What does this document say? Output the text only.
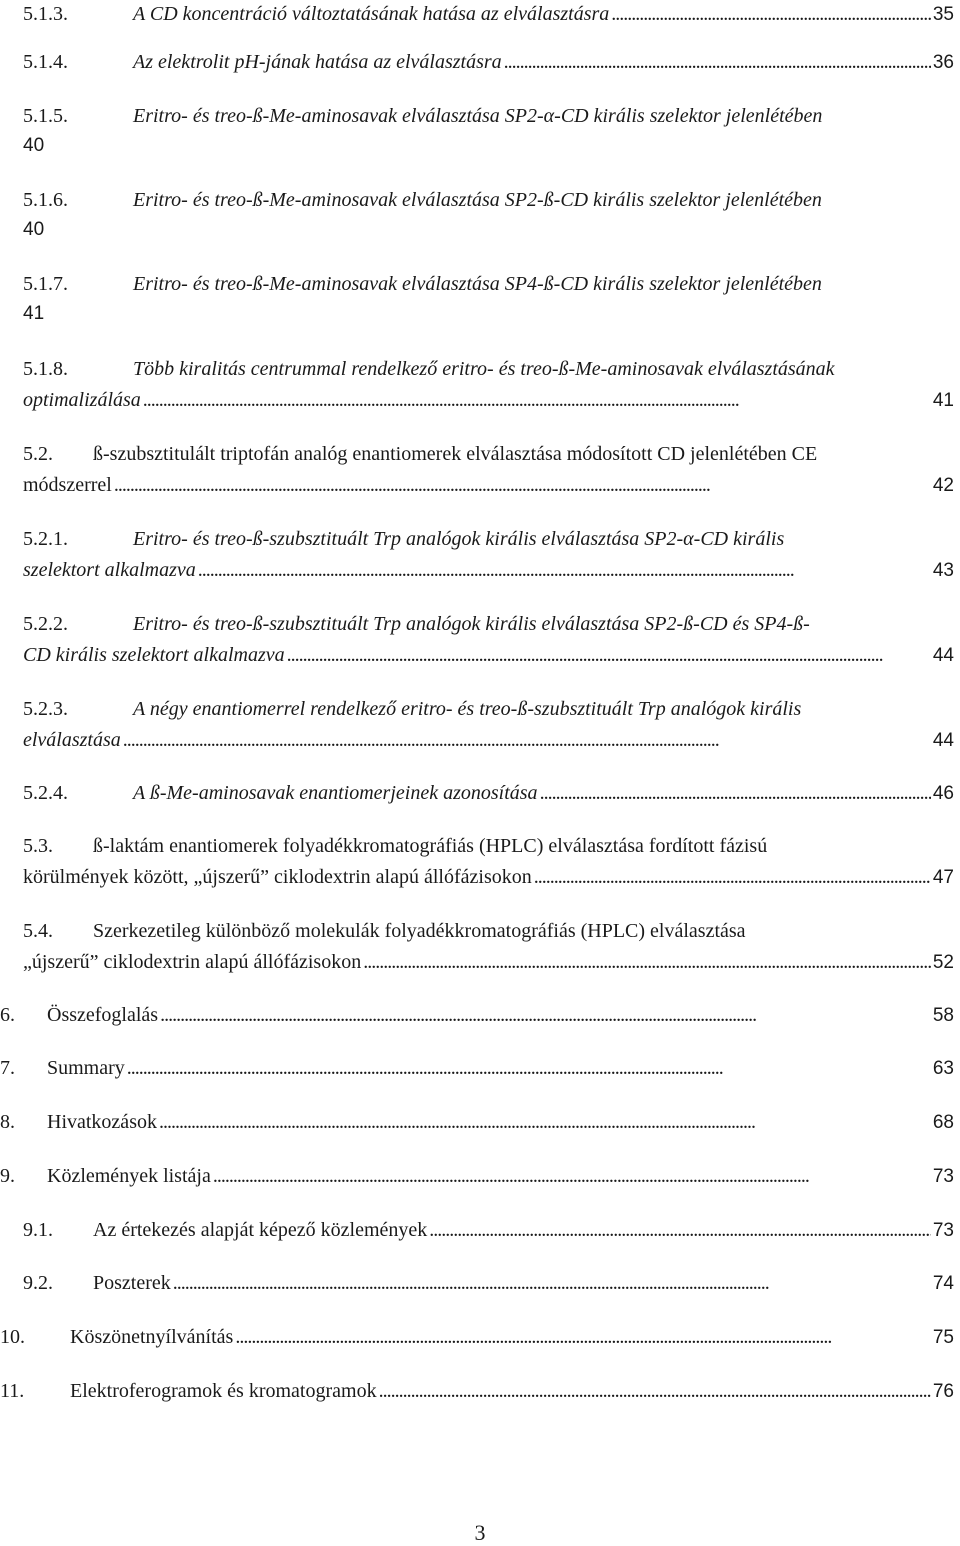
5.1.3.	A CD koncentráció változtatásának hatása az elválasztásra . . .	35
5.1.4.	Az elektrolit pH-jának hatása az elválasztásra . . .	36
5.1.5.	Eritro- és treo-ß-Me-aminosavak elválasztása SP2-α-CD királis szelektor jelenlétében
40
5.1.6.	Eritro- és treo-ß-Me-aminosavak elválasztása SP2-ß-CD királis szelektor jelenlétében
40
5.1.7.	Eritro- és treo-ß-Me-aminosavak elválasztása SP4-ß-CD királis szelektor jelenlétében
41
5.1.8.	Több kiralitás centrummal rendelkező eritro- és treo-ß-Me-aminosavak elválasztásának
optimalizálása . . .	41
5.2. ß-szubsztitulált triptofán analóg enantiomerek elválasztása módosított CD jelenlétében CE
módszerrel . . .	42
5.2.1.	Eritro- és treo-ß-szubsztituált Trp analógok királis elválasztása SP2-α-CD királis
szelektort alkalmazva . . .	43
5.2.2.	Eritro- és treo-ß-szubsztituált Trp analógok királis elválasztása SP2-ß-CD és SP4-ß-
CD királis szelektort alkalmazva . . .	44
5.2.3.	A négy enantiomerrel rendelkező eritro- és treo-ß-szubsztituált Trp analógok királis
elválasztása . . .	44
5.2.4.	A ß-Me-aminosavak enantiomerjeinek azonosítása . . .	46
5.3. ß-laktám enantiomerek folyadékkromatográfiás (HPLC) elválasztása fordított fázisú
körülmények között, „újszerű” ciklodextrin alapú állófázisokon . . .	47
5.4. Szerkezetileg különböző molekulák folyadékkromatográfiás (HPLC) elválasztása
„újszerű” ciklodextrin alapú állófázisokon . . .	52
6. Összefoglalás . . .	58
7. Summary . . .	63
8. Hivatkozások . . .	68
9. Közlemények listája . . .	73
9.1. Az értekezés alapját képező közlemények . . .	73
9.2. Poszterek . . .	74
10. Köszönetnyílvánítás . . .	75
11. Elektroferogramok és kromatogramok . . .	76
3
